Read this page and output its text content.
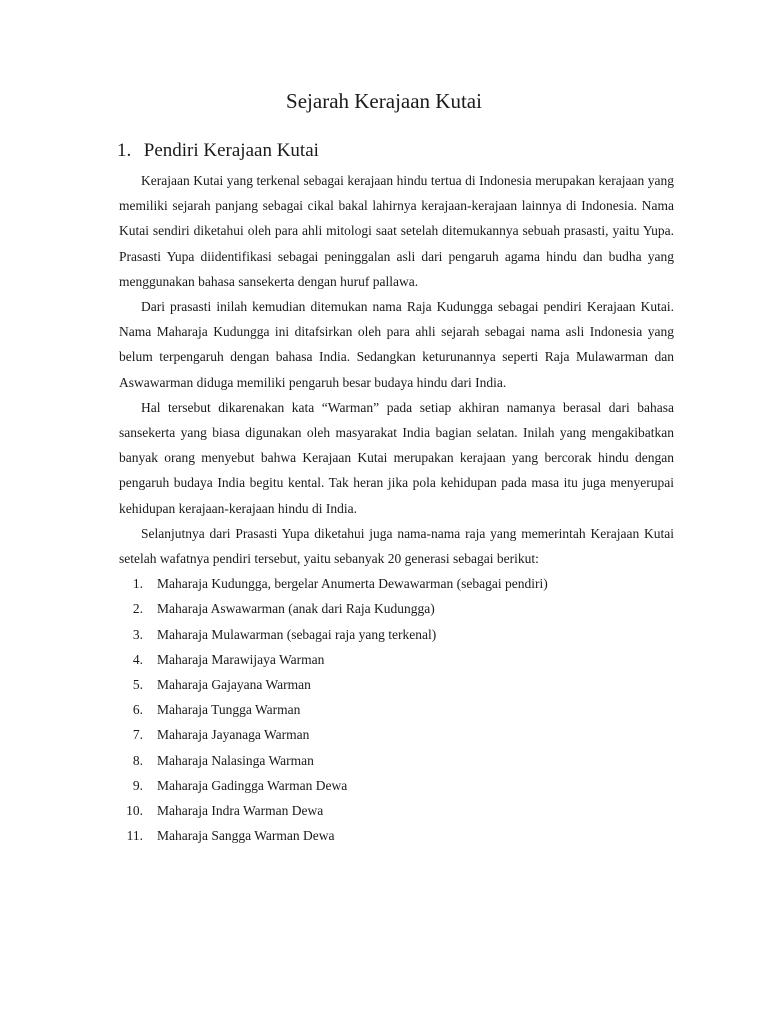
Sejarah Kerajaan Kutai
1. Pendiri Kerajaan Kutai

Kerajaan Kutai yang terkenal sebagai kerajaan hindu tertua di Indonesia merupakan kerajaan yang memiliki sejarah panjang sebagai cikal bakal lahirnya kerajaan-kerajaan lainnya di Indonesia. Nama Kutai sendiri diketahui oleh para ahli mitologi saat setelah ditemukannya sebuah prasasti, yaitu Yupa. Prasasti Yupa diidentifikasi sebagai peninggalan asli dari pengaruh agama hindu dan budha yang menggunakan bahasa sansekerta dengan huruf pallawa.

Dari prasasti inilah kemudian ditemukan nama Raja Kudungga sebagai pendiri Kerajaan Kutai. Nama Maharaja Kudungga ini ditafsirkan oleh para ahli sejarah sebagai nama asli Indonesia yang belum terpengaruh dengan bahasa India. Sedangkan keturunannya seperti Raja Mulawarman dan Aswawarman diduga memiliki pengaruh besar budaya hindu dari India.

Hal tersebut dikarenakan kata “Warman” pada setiap akhiran namanya berasal dari bahasa sansekerta yang biasa digunakan oleh masyarakat India bagian selatan. Inilah yang mengakibatkan banyak orang menyebut bahwa Kerajaan Kutai merupakan kerajaan yang bercorak hindu dengan pengaruh budaya India begitu kental. Tak heran jika pola kehidupan pada masa itu juga menyerupai kehidupan kerajaan-kerajaan hindu di India.

Selanjutnya dari Prasasti Yupa diketahui juga nama-nama raja yang memerintah Kerajaan Kutai setelah wafatnya pendiri tersebut, yaitu sebanyak 20 generasi sebagai berikut:

1. Maharaja Kudungga, bergelar Anumerta Dewawarman (sebagai pendiri)
2. Maharaja Aswawarman (anak dari Raja Kudungga)
3. Maharaja Mulawarman (sebagai raja yang terkenal)
4. Maharaja Marawijaya Warman
5. Maharaja Gajayana Warman
6. Maharaja Tungga Warman
7. Maharaja Jayanaga Warman
8. Maharaja Nalasinga Warman
9. Maharaja Gadingga Warman Dewa
10. Maharaja Indra Warman Dewa
11. Maharaja Sangga Warman Dewa
